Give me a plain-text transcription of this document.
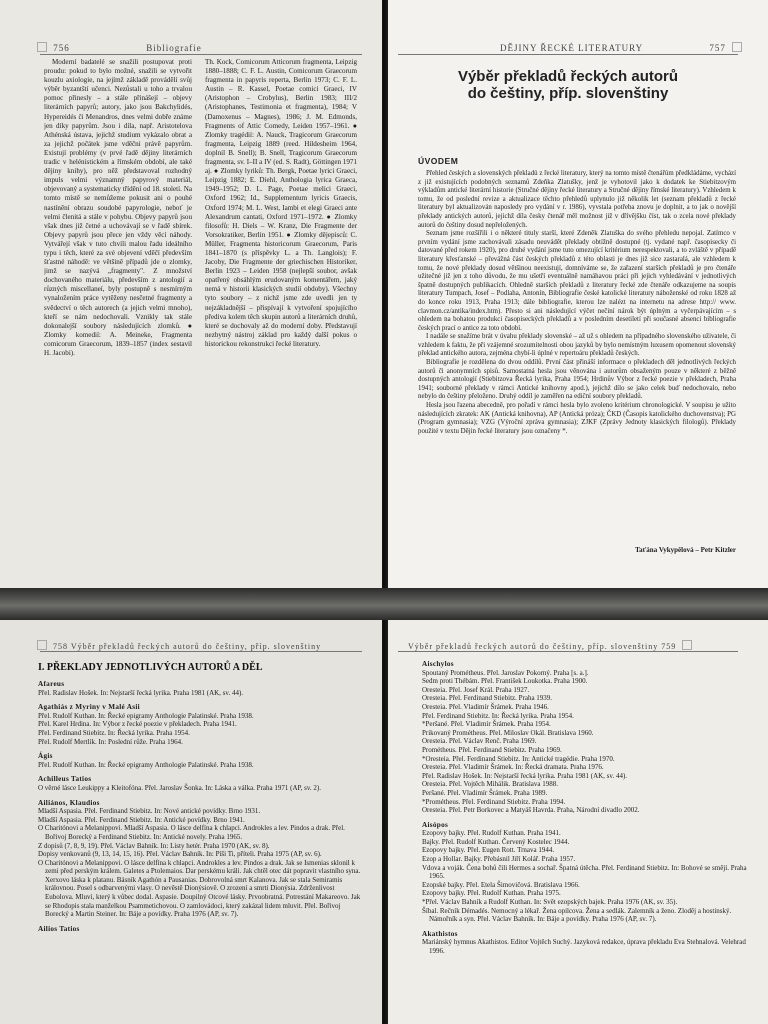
756	Bibliografie

Moderní badatelé se snažili postupovat proti proudu: pokud to bylo možné, snažili se vytvořit kouzlu axiologie, na jejímž základě provádělí svůj výběr byzantští učenci. Nezůstali u toho a trvalou pomoc přinesly – a stále přinášejí – objevy literárních papyrů; autory, jako jsou Bakchylidés, Hypereidés či Menandros, dnes velmi dobře známe jen díky papyrům. Jsou i díla, např. Aristotelova Athénská ústava, jejichž studium vykázalo obrat a za jejichž počátek jsme vděčni právě papyrům. Existují problémy (v prvé řadě dějiny literárních tradic v helénistickém a římském období, ale také dějiny knihy), pro něž představoval rozhodný impuls velmi významný papyrový materiál, objevovaný a systematicky třídění od 18. století. Na tomto místě se nemůžeme pokusit ani o pouhé nastínění obrazu soudobé papyrologie, neboť je velmi členitá a stále v pohybu. Objevy papyrů jsou však dnes již četné a uchovávají se v řadě sbírek. Objevy papyrů jsou přece jen vždy věcí náhody. Vytvářejí však v tuto chvíli malou řadu ideálního typu i těch, které za své objevení vděčí především šťastné náhodě: ve většině případů jde o zlomky, jimž se nazývá „fragmenty". Z množství dochovaného materiálu, především z antologií a různých miscellaneí, byly postupně s nesmírným vynaložením práce vytěženy nesčetné fragmenty a svědectví o těch autorech (a jejich velmi mnoho), kteří se nám nedochovali. Vznikly tak stále dokonalejší soubory následujících zlomků. ● Zlomky komedií: A. Meineke, Fragmenta comicorum Graecorum, 1839–1857 (index sestavil H. Jacobi).

Th. Kock, Comicorum Atticorum fragmenta, Leipzig 1880–1888; C. F. L. Austin, Comicorum Graecorum fragmenta in papyris reperta, Berlin 1973; C. F. L. Austin – R. Kassel, Poetae comici Graeci, IV (Aristophon – Crobylus), Berlin 1983; III/2 (Aristophanes, Testimonia et fragmenta), 1984; V (Damoxenus – Magnes), 1986; J. M. Edmonds, Fragments of Attic Comedy, Leiden 1957–1961. ● Zlomky tragédií: A. Nauck, Tragicorum Graecorum fragmenta, Leipzig 1889 (reed. Hildesheim 1964, doplnil B. Snell); B. Snell, Tragicorum Graecorum fragmenta, sv. I–II a IV (ed. S. Radt), Göttingen 1971 aj. ● Zlomky lyriků: Th. Bergk, Poetae lyrici Graeci, Leipzig 1882; E. Diehl, Anthologia lyrica Graeca, 1949–1952; D. L. Page, Poetae melici Graeci, Oxford 1962; Id., Supplementum lyricis Graecis, Oxford 1974; M. L. West, Iambi et elegi Graeci ante Alexandrum cantati, Oxford 1971–1972. ● Zlomky filosofů: H. Diels – W. Kranz, Die Fragmente der Vorsokratiker, Berlin 1951. ● Zlomky dějepisců: C. Müller, Fragmenta historicorum Graecorum, Paris 1841–1870 (s příspěvky L. a Th. Langlois); F. Jacoby, Die Fragmente der griechischen Historiker, Berlin 1923 – Leiden 1958 (nejlepší soubor, avšak opatřený obsáhlým erudovaným komentářem, jaký nemá v historii klasických studií obdoby). Všechny tyto soubory – z nichž jsme zde uvedli jen ty nejzákladnější – přispívají k vytvoření spojujícího předivа kolem těch skupin autorů a literárních druhů, které se dochovaly až do moderní doby. Představují nezbytný nástroj základ pro každý další pokus o historickou rekonstrukci řecké literatury.

DĚJINY ŘECKÉ LITERATURY	757
Výběr překladů řeckých autorů
do češtiny, příp. slovenštiny
ÚVODEM

Přehled českých a slovenských překladů z řecké literatury, který na tomto místě čtenářům předkládáme, vychází z již existujících podobných seznamů Zdeňka Zlatušky, jenž je vyhotovil jako k dodatek ke Stiebitzovým výkladům antické literární historie (Stručné dějiny řecké literatury a Stručné dějiny římské literatury). Vzhledem k tomu, že od poslední revize a aktualizace těchto přehledů uplynulo již několik let (seznam překladů z řecké literatury byl aktualizován naposledy pro vydání v r. 1986), vyvstala potřeba znovu je doplnit, a to jak o novější překlady antických autorů, jejichž díla česky čtenář měl možnost již v dřívějšku číst, tak o zcela nové překlady autorů do češtiny dosud nepřeložených.

Seznam jsme rozšířili i o některé tituly starší, které Zdeněk Zlatuška do svého přehledu nepojal. Zatímco v prvním vydání jsme zachovávali zásadu neuvádět překlady obtížně dostupné (tj. vydané např. časopisecky či datované před rokem 1920), pro druhé vydání jsme tuto omezující kritérium nerespektovali, a to zvláště v případě literatury křesťanské – převážná část českých překladů z této oblasti je dnes již sice zastaralá, ale vzhledem k tomu, že nové překlady dosud většinou neexistují, domníváme se, že zařazení starších překladů je pro čtenáře užitečné již jen z toho důvodu, že mu ušetří eventuálně namáhavou práci při jejich vyhledávání v jednotlivých špatně dostupných publikacích. Ohledně starších překladů z literatury řecké zde čtenáře odkazujeme na soupis literatury Tumpach, Josef – Podlaha, Antonín, Bibliografie české katolické literatury náboženské od roku 1828 až do konce roku 1913, Praha 1913; dále bibliografie, kterou lze nalézt na internetu na adrese http:// www. clavmon.cz/antika/index.htm). Přesto si ani následující výčet nečiní nárok být úplným a vyčerpávajícím – s ohledem na bohatou produkci časopiseckých překladů a v posledním desetiletí při současné absenci bibliografie českých prací o antice za toto období.

I nadále se snažíme brát v úvahu překlady slovenské – až už s ohledem na případného slovenského uživatele, či vzhledem k faktu, že při vzájemné srozumitelnosti obou jazyků by bylo nemístným luxusem opomenout slovenský překlad antického autora, zejména chybí-li úplné v repertoáru překladů českých.

Bibliografie je rozdělena do dvou oddílů. První část přináší informace o překladech děl jednotlivých řeckých autorů či anonymních spisů. Samostatná hesla jsou věnována i autorům obsaženým pouze v některé z běžně dostupných antologií (Stiebitzova Řecká lyrika, Praha 1954; Hrdinův Výbor z řecké poezie v překladech, Praha 1941; souborné překlady v rámci Antické knihovny apod.), jejichž dílo se jako celek buď nedochovalo, nebo nebylo do češtiny přeloženo. Druhý oddíl je zaměřen na ediční soubory překladů.

Hesla jsou řazena abecedně, pro pořadí v rámci hesla bylo zvoleno kritérium chronologické. V soupisu je užito následujících zkratek: AK (Antická knihovna), AP (Antická próza); ČKD (Časopis katolického duchovenstva); PG (Program gymnasia); VZG (Výroční zpráva gymnasia); ZJKF (Zprávy Jednoty klasických filologů). Překlady použité v textu Dějin řecké literatury jsou označeny *.

Taťána Vykypělová – Petr Kitzler

758 Výběr překladů řeckých autorů do češtiny, příp. slovenštiny
I. PŘEKLADY JEDNOTLIVÝCH AUTORŮ A DĚL
Afareus

Přel. Radislav Hošek. In: Nejstarší řecká lyrika. Praha 1981 (AK, sv. 44).

Agathiás z Myriny v Malé Asii

Přel. Rudolf Kuthan. In: Řecké epigramy Anthologie Palatinské. Praha 1938.

Přel. Karel Hrdina. In: Výbor z řecké poezie v překladech. Praha 1941.

Přel. Ferdinand Stiebitz. In: Řecká lyrika. Praha 1954.

Přel. Rudolf Mertlík. In: Poslední růže. Praha 1964.

Ágis

Přel. Rudolf Kuthan. In: Řecké epigramy Anthologie Palatinské. Praha 1938.

Achilleus Tatios

O věrné lásce Leukippy a Kleitofóna. Přel. Jaroslav Šonka. In: Láska a válka. Praha 1971 (AP, sv. 2).

Ailiános, Klaudios

Mladší Aspasia. Přel. Ferdinand Stiebitz. In: Nové antické povídky. Brno 1931.

Mladší Aspasia. Přel. Ferdinand Stiebitz. In: Antické povídky. Brno 1941.

O Charitónovi a Melanippovi. Mladší Aspasia. O lásce delfína k chlapci. Androkles a lev. Pindos a drak. Přel. Bořivoj Borecký a Ferdinand Stiebitz. In: Antické novely. Praha 1965.

Z dopisů (7, 8, 9, 19). Přel. Václav Bahník. In: Listy hetér. Praha 1970 (AK, sv. 8).

Dopisy venkovanů (9, 13, 14, 15, 16). Přel. Václav Bahník. In: Píši Ti, příteli. Praha 1975 (AP, sv. 6).

O Charitónovi a Melanippovi. O lásce delfína k chlapci. Androkles a lev. Pindos a drak. Jak se Ismenias sklonil k zemi před perským králem. Galetes a Ptolemaios. Dar perskému králi. Jak chtěl otec dát popravit vlastního syna. Xerxovo láska k platanu. Básník Agathón a Pausanias. Dobrovolná smrt Kalanova. Jak se stala Semiramis královnou. Posel s odbarvenými vlasy. O nevěstě Dionýsiově. O zrození a smrti Dionýsia. Zdrženlivost Eubolova. Mluví, který k vůbec dodal. Aspasie. Doupilný Otcové lásky. Prvoobratná. Potrestání Makareovo. Jak se Rhodopis stala manželkou Psammetichovou. O zamlovádoci, který zakázal lidem mluvit. Přel. Bořivoj Borecký a Martin Steiner. In: Báje a povídky. Praha 1976 (AP, sv. 7).

Ailios Tatios
Výběr překladů řeckých autorů do češtiny, příp. slovenštiny 759
Aischylos

Spoutaný Prométheus. Přel. Jaroslav Pokorný. Praha [s. a.].

Sedm proti Thébám. Přel. František Loukotka. Praha 1900.

Oresteia. Přel. Josef Král. Praha 1927.

Oresteia. Přel. Ferdinand Stiebitz. Praha 1939.

Oresteia. Přel. Vladimír Šrámek. Praha 1946.

Přel. Ferdinand Stiebitz. In: Řecká lyrika. Praha 1954.

*Peršané. Přel. Vladimír Šrámek. Praha 1954.

Prikovaný Prométheus. Přel. Miloslav Okál. Bratislava 1960.

Oresteia. Přel. Václav Renč. Praha 1969.

Prométheus. Přel. Ferdinand Stiebitz. Praha 1969.

*Oresteia. Přel. Ferdinand Stiebitz. In: Antické tragédie. Praha 1970.

Oresteia. Přel. Vladimír Šrámek. In: Řecká dramata. Praha 1976.

Přel. Radislav Hošek. In: Nejstarší řecká lyrika. Praha 1981 (AK, sv. 44).

Oresteia. Přel. Vojtěch Mihálik. Bratislava 1988.

Peršané. Přel. Vladimír Šrámek. Praha 1989.

*Prométheus. Přel. Ferdinand Stiebitz. Praha 1994.

Oresteia. Přel. Petr Borkovec a Matyáš Havrda. Praha, Národní divadlo 2002.

Aisópos

Ezopovy bajky. Přel. Rudolf Kuthan. Praha 1941.

Bajky. Přel. Rudolf Kuthan. Červený Kostelec 1944.

Ezopovy bajky. Přel. Eugen Rott. Trnava 1944.

Ezop a Hollar. Bajky. Přebásnil Jiří Kolář. Praha 1957.

Vdova a voják. Čena bohů čili Hermes a sochař. Špatná útěcha. Přel. Ferdinand Stiebitz. In: Bohové se smějí. Praha 1965.

Ezopské bajky. Přel. Etela Šimovičová. Bratislava 1966.

Ezopovy bajky. Přel. Rudolf Kuthan. Praha 1975.

*Přel. Václav Bahník a Rudolf Kuthan. In: Svět ezopských bajek. Praha 1976 (AK, sv. 35).

Šíbal. Rečník Démadés. Nemocný a lékař. Žena opilcova. Žena a sedlák. Zalemník a ženo. Zloděj a hostinský. Námořník a syn. Přel. Václav Bahník. In: Báje a povídky. Praha 1976 (AP, sv. 7).

Akathistos

Mariánský hymnus Akathistos. Editor Vojtěch Suchý. Jazyková redakce, úprava překladu Eva Stehnalová. Velehrad 1996.
